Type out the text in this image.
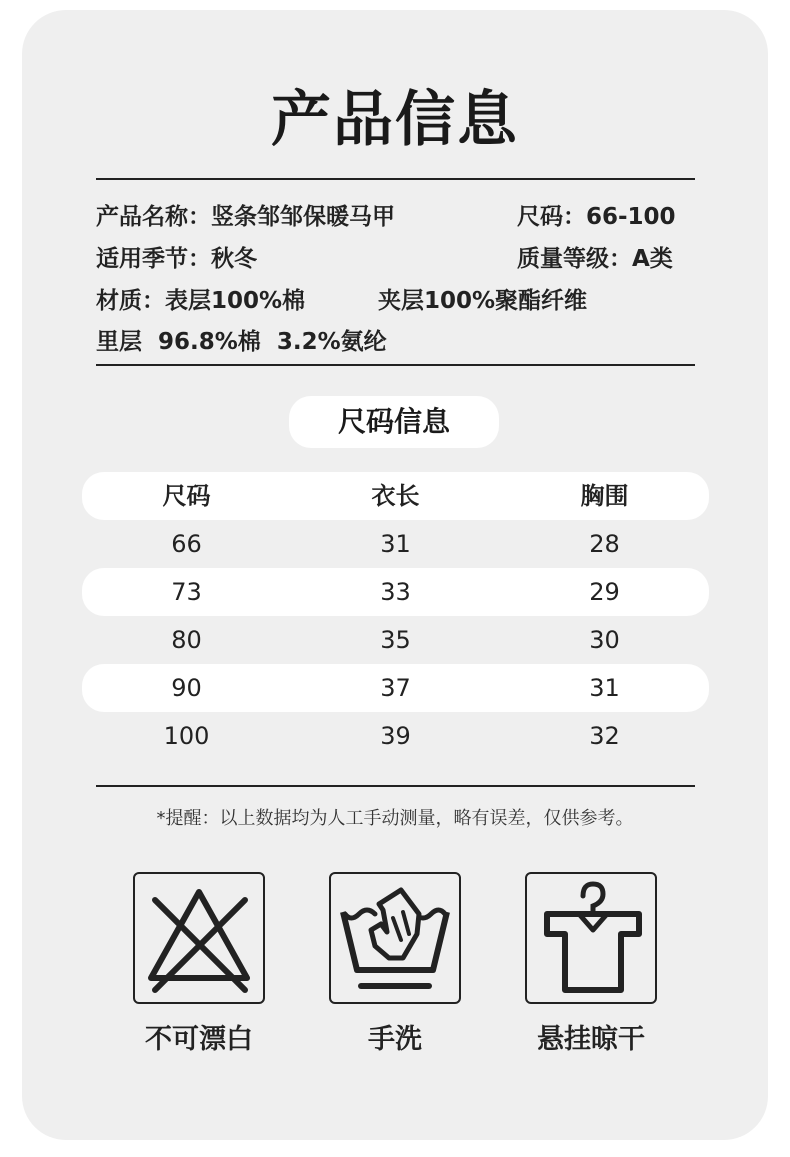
产品信息
产品名称：竖条邹邹保暖马甲	尺码：66-100
适用季节：秋冬	质量等级：A类
材质：表层100%棉	夹层100%聚酯纤维
里层  96.8%棉  3.2%氨纶
尺码信息
尺码	衣长	胸围
66	31	28
73	33	29
80	35	30
90	37	31
100	39	32
*提醒：以上数据均为人工手动测量，略有误差，仅供参考。
不可漂白	手洗	悬挂晾干
